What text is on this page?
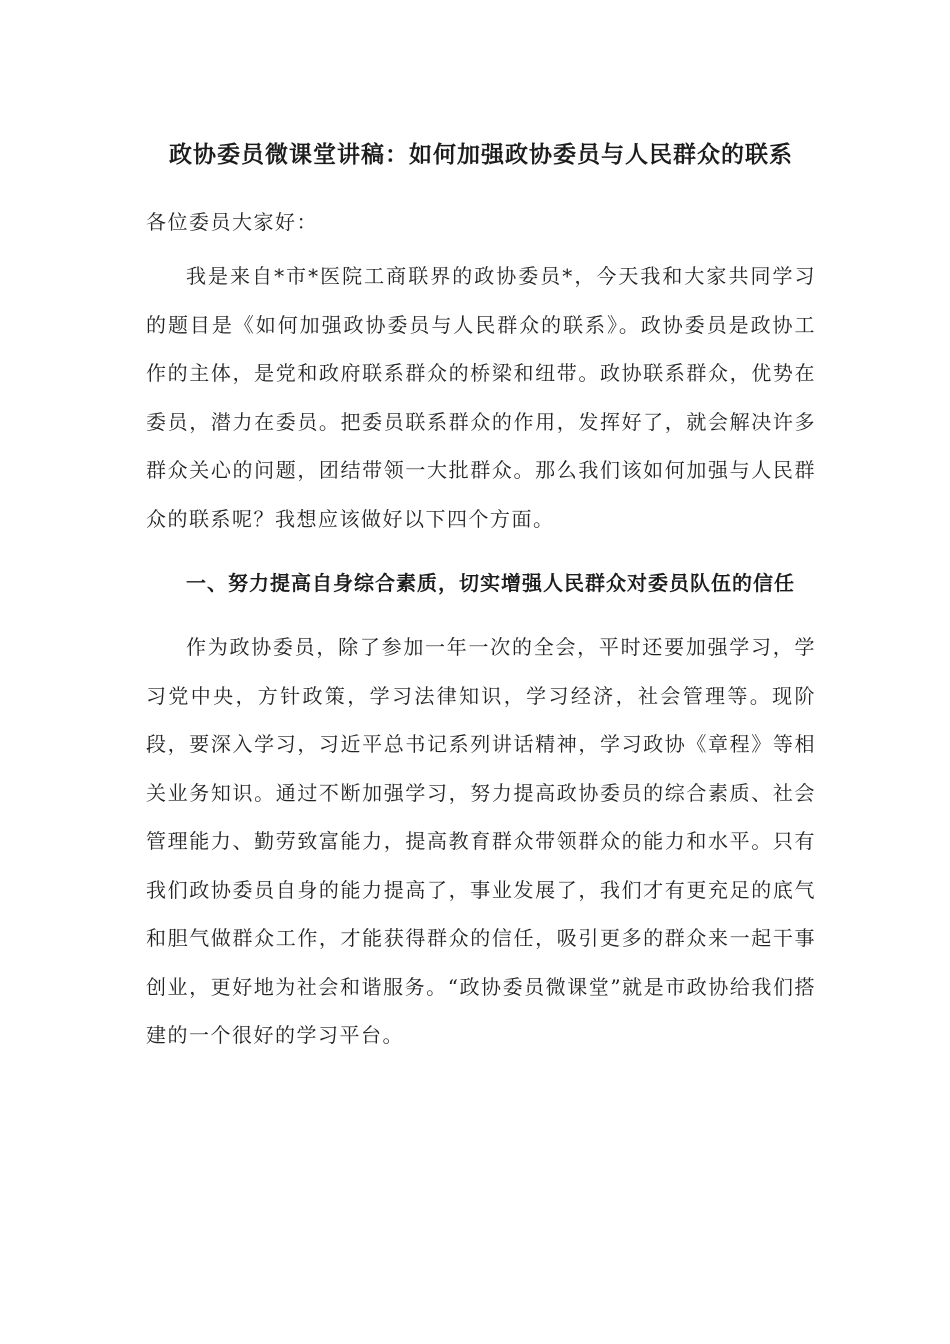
政协委员微课堂讲稿：如何加强政协委员与人民群众的联系

各位委员大家好：

我是来自*市*医院工商联界的政协委员*，今天我和大家共同学习的题目是《如何加强政协委员与人民群众的联系》。政协委员是政协工作的主体，是党和政府联系群众的桥梁和纽带。政协联系群众，优势在委员，潜力在委员。把委员联系群众的作用，发挥好了，就会解决许多群众关心的问题，团结带领一大批群众。那么我们该如何加强与人民群众的联系呢？我想应该做好以下四个方面。

一、努力提高自身综合素质，切实增强人民群众对委员队伍的信任

作为政协委员，除了参加一年一次的全会，平时还要加强学习，学习党中央，方针政策，学习法律知识，学习经济，社会管理等。现阶段，要深入学习，习近平总书记系列讲话精神，学习政协《章程》等相关业务知识。通过不断加强学习，努力提高政协委员的综合素质、社会管理能力、勤劳致富能力，提高教育群众带领群众的能力和水平。只有我们政协委员自身的能力提高了，事业发展了，我们才有更充足的底气和胆气做群众工作，才能获得群众的信任，吸引更多的群众来一起干事创业，更好地为社会和谐服务。“政协委员微课堂”就是市政协给我们搭建的一个很好的学习平台。
